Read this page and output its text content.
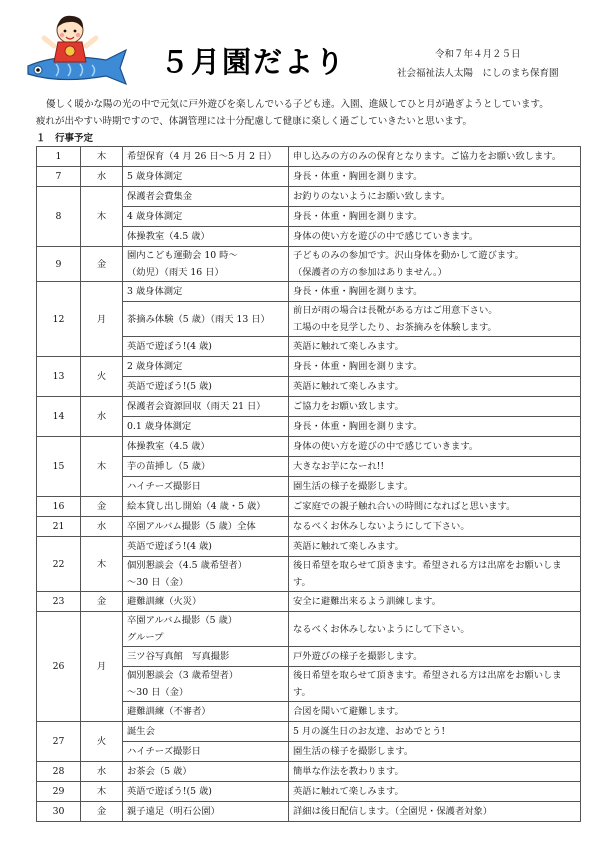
５月園だより	令和７年４月２５日
社会福祉法人太陽　にしのまち保育園

優しく暖かな陽の光の中で元気に戸外遊びを楽しんでいる子ども達。入園、進級してひと月が過ぎようとしています。

疲れが出やすい時期ですので、体調管理には十分配慮して健康に楽しく過ごしていきたいと思います。

１　行事予定
1	木	希望保育（4 月 26 日～5 月 2 日）	申し込みの方のみの保育となります。ご協力をお願い致します。
7	水	5 歳身体測定	身長・体重・胸囲を測ります。
8	木	保護者会費集金	お釣りのないようにお願い致します。
		4 歳身体測定	身長・体重・胸囲を測ります。
		体操教室（4.5 歳）	身体の使い方を遊びの中で感じていきます。
9	金	園内こども運動会 10 時～
（幼児）（雨天 16 日）	子どものみの参加です。沢山身体を動かして遊びます。
（保護者の方の参加はありません。）
12	月	3 歳身体測定	身長・体重・胸囲を測ります。
		茶摘み体験（5 歳）（雨天 13 日）	前日が雨の場合は長靴がある方はご用意下さい。
工場の中を見学したり、お茶摘みを体験します。
		英語で遊ぼう!(4 歳)	英語に触れて楽しみます。
13	火	2 歳身体測定	身長・体重・胸囲を測ります。
		英語で遊ぼう!(5 歳)	英語に触れて楽しみます。
14	水	保護者会資源回収（雨天 21 日）	ご協力をお願い致します。
		0.1 歳身体測定	身長・体重・胸囲を測ります。
15	木	体操教室（4.5 歳）	身体の使い方を遊びの中で感じていきます。
		芋の苗挿し（5 歳）	大きなお芋になーれ!!
		ハイチーズ撮影日	園生活の様子を撮影します。
16	金	絵本貸し出し開始（4 歳・5 歳）	ご家庭での親子触れ合いの時間になればと思います。
21	水	卒園アルバム撮影（5 歳）全体	なるべくお休みしないようにして下さい。
22	木	英語で遊ぼう!(4 歳)	英語に触れて楽しみます。
		個別懇談会（4.5 歳希望者）
～30 日（金）	後日希望を取らせて頂きます。希望される方は出席をお願いします。
23	金	避難訓練（火災）	安全に避難出来るよう訓練します。
26	月	卒園アルバム撮影（5 歳）
グループ	なるべくお休みしないようにして下さい。
		三ツ谷写真館　写真撮影	戸外遊びの様子を撮影します。
		個別懇談会（3 歳希望者）
～30 日（金）	後日希望を取らせて頂きます。希望される方は出席をお願いします。
		避難訓練（不審者）	合図を聞いて避難します。
27	火	誕生会	5 月の誕生日のお友達、おめでとう!
		ハイチーズ撮影日	園生活の様子を撮影します。
28	水	お茶会（5 歳）	簡単な作法を教わります。
29	木	英語で遊ぼう!(5 歳)	英語に触れて楽しみます。
30	金	親子遠足（明石公園）	詳細は後日配信します。（全園児・保護者対象）
